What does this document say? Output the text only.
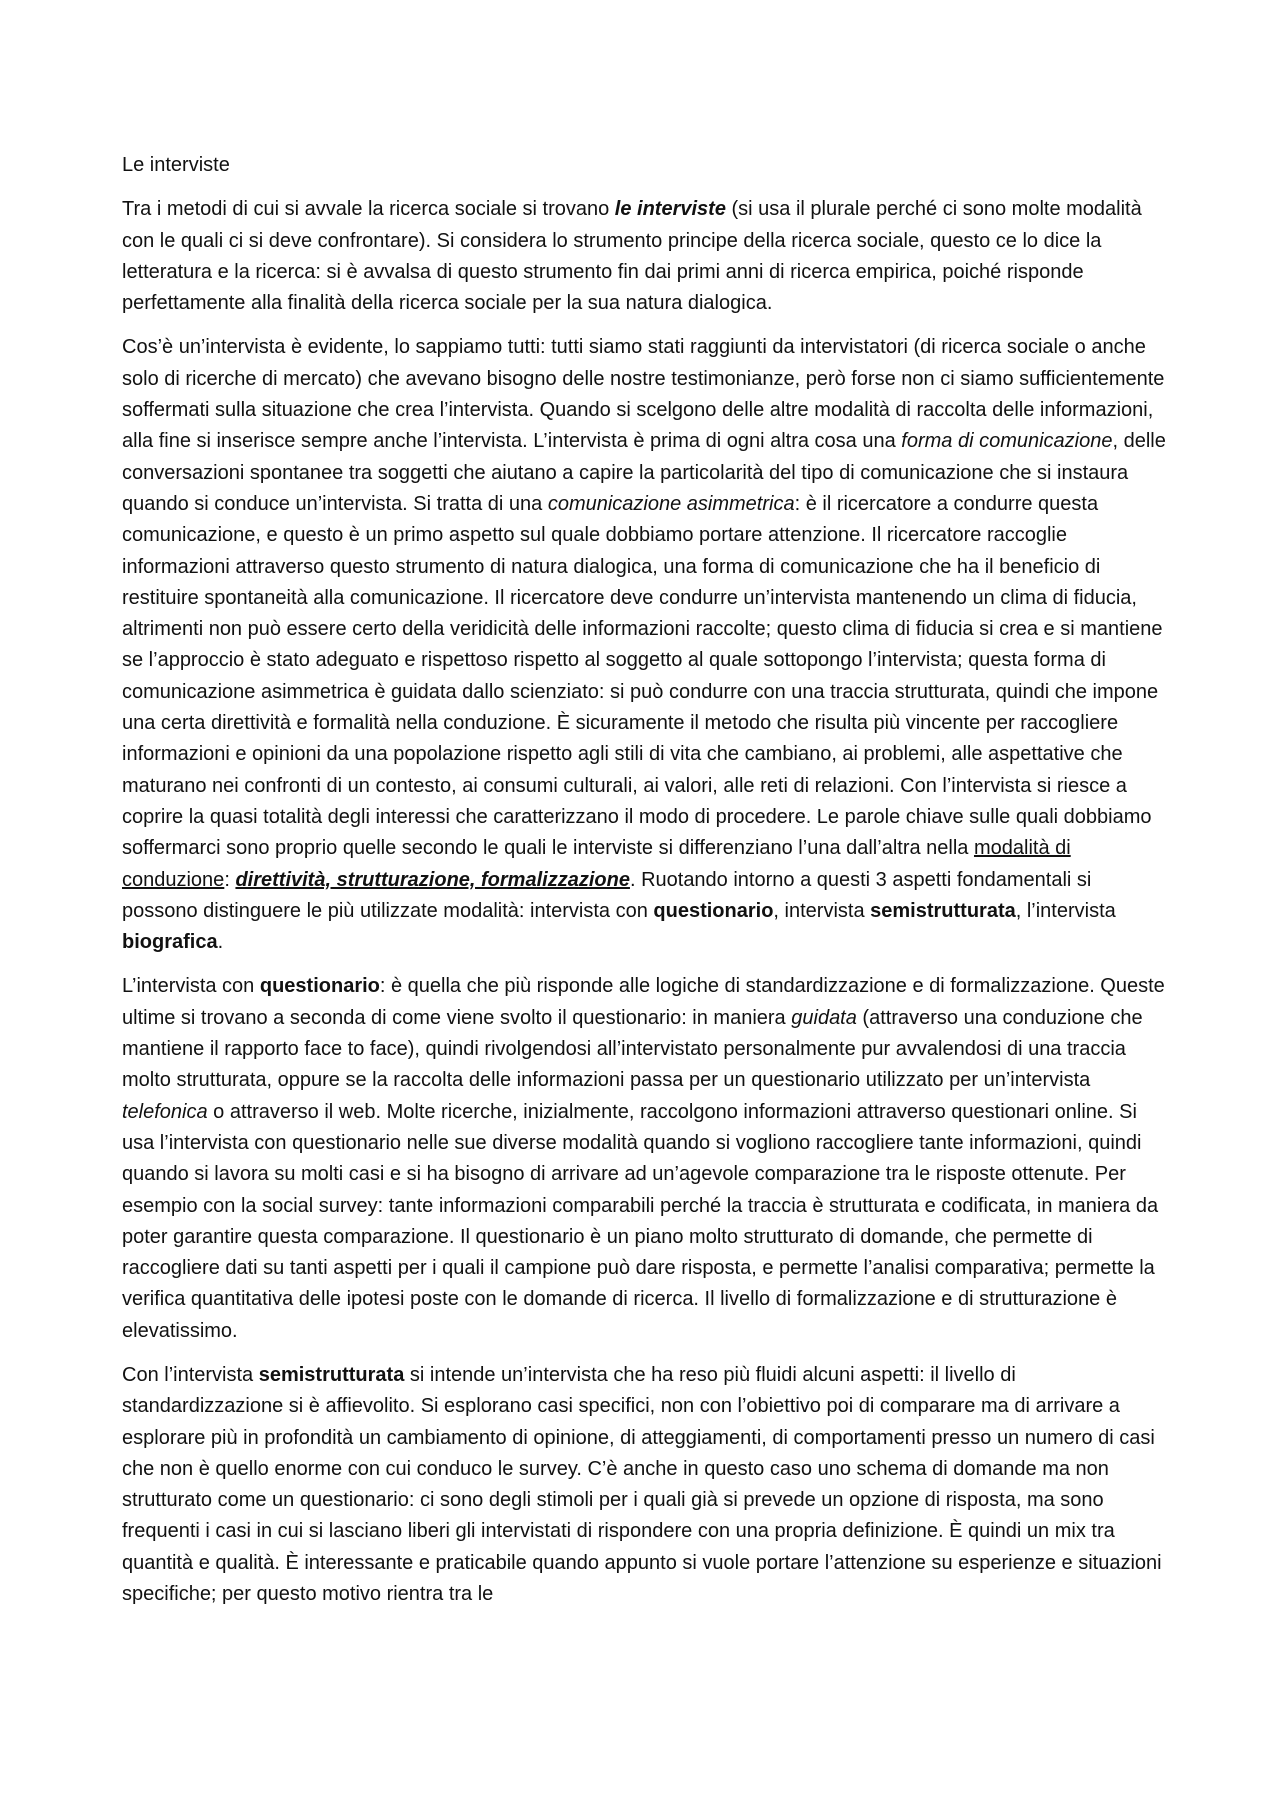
Le interviste

Tra i metodi di cui si avvale la ricerca sociale si trovano le interviste (si usa il plurale perché ci sono molte modalità con le quali ci si deve confrontare). Si considera lo strumento principe della ricerca sociale, questo ce lo dice la letteratura e la ricerca: si è avvalsa di questo strumento fin dai primi anni di ricerca empirica, poiché risponde perfettamente alla finalità della ricerca sociale per la sua natura dialogica.

Cos’è un’intervista è evidente, lo sappiamo tutti: tutti siamo stati raggiunti da intervistatori (di ricerca sociale o anche solo di ricerche di mercato) che avevano bisogno delle nostre testimonianze, però forse non ci siamo sufficientemente soffermati sulla situazione che crea l’intervista. Quando si scelgono delle altre modalità di raccolta delle informazioni, alla fine si inserisce sempre anche l’intervista. L’intervista è prima di ogni altra cosa una forma di comunicazione, delle conversazioni spontanee tra soggetti che aiutano a capire la particolarità del tipo di comunicazione che si instaura quando si conduce un’intervista. Si tratta di una comunicazione asimmetrica: è il ricercatore a condurre questa comunicazione, e questo è un primo aspetto sul quale dobbiamo portare attenzione. Il ricercatore raccoglie informazioni attraverso questo strumento di natura dialogica, una forma di comunicazione che ha il beneficio di restituire spontaneità alla comunicazione. Il ricercatore deve condurre un’intervista mantenendo un clima di fiducia, altrimenti non può essere certo della veridicità delle informazioni raccolte; questo clima di fiducia si crea e si mantiene se l’approccio è stato adeguato e rispettoso rispetto al soggetto al quale sottopongo l’intervista; questa forma di comunicazione asimmetrica è guidata dallo scienziato: si può condurre con una traccia strutturata, quindi che impone una certa direttività e formalità nella conduzione. È sicuramente il metodo che risulta più vincente per raccogliere informazioni e opinioni da una popolazione rispetto agli stili di vita che cambiano, ai problemi, alle aspettative che maturano nei confronti di un contesto, ai consumi culturali, ai valori, alle reti di relazioni. Con l’intervista si riesce a coprire la quasi totalità degli interessi che caratterizzano il modo di procedere. Le parole chiave sulle quali dobbiamo soffermarci sono proprio quelle secondo le quali le interviste si differenziano l’una dall’altra nella modalità di conduzione: direttività, strutturazione, formalizzazione. Ruotando intorno a questi 3 aspetti fondamentali si possono distinguere le più utilizzate modalità: intervista con questionario, intervista semistrutturata, l’intervista biografica.

L’intervista con questionario: è quella che più risponde alle logiche di standardizzazione e di formalizzazione. Queste ultime si trovano a seconda di come viene svolto il questionario: in maniera guidata (attraverso una conduzione che mantiene il rapporto face to face), quindi rivolgendosi all’intervistato personalmente pur avvalendosi di una traccia molto strutturata, oppure se la raccolta delle informazioni passa per un questionario utilizzato per un’intervista telefonica o attraverso il web. Molte ricerche, inizialmente, raccolgono informazioni attraverso questionari online. Si usa l’intervista con questionario nelle sue diverse modalità quando si vogliono raccogliere tante informazioni, quindi quando si lavora su molti casi e si ha bisogno di arrivare ad un’agevole comparazione tra le risposte ottenute. Per esempio con la social survey: tante informazioni comparabili perché la traccia è strutturata e codificata, in maniera da poter garantire questa comparazione. Il questionario è un piano molto strutturato di domande, che permette di raccogliere dati su tanti aspetti per i quali il campione può dare risposta, e permette l’analisi comparativa; permette la verifica quantitativa delle ipotesi poste con le domande di ricerca. Il livello di formalizzazione e di strutturazione è elevatissimo.

Con l’intervista semistrutturata si intende un’intervista che ha reso più fluidi alcuni aspetti: il livello di standardizzazione si è affievolito. Si esplorano casi specifici, non con l’obiettivo poi di comparare ma di arrivare a esplorare più in profondità un cambiamento di opinione, di atteggiamenti, di comportamenti presso un numero di casi che non è quello enorme con cui conduco le survey. C’è anche in questo caso uno schema di domande ma non strutturato come un questionario: ci sono degli stimoli per i quali già si prevede un opzione di risposta, ma sono frequenti i casi in cui si lasciano liberi gli intervistati di rispondere con una propria definizione. È quindi un mix tra quantità e qualità. È interessante e praticabile quando appunto si vuole portare l’attenzione su esperienze e situazioni specifiche; per questo motivo rientra tra le
